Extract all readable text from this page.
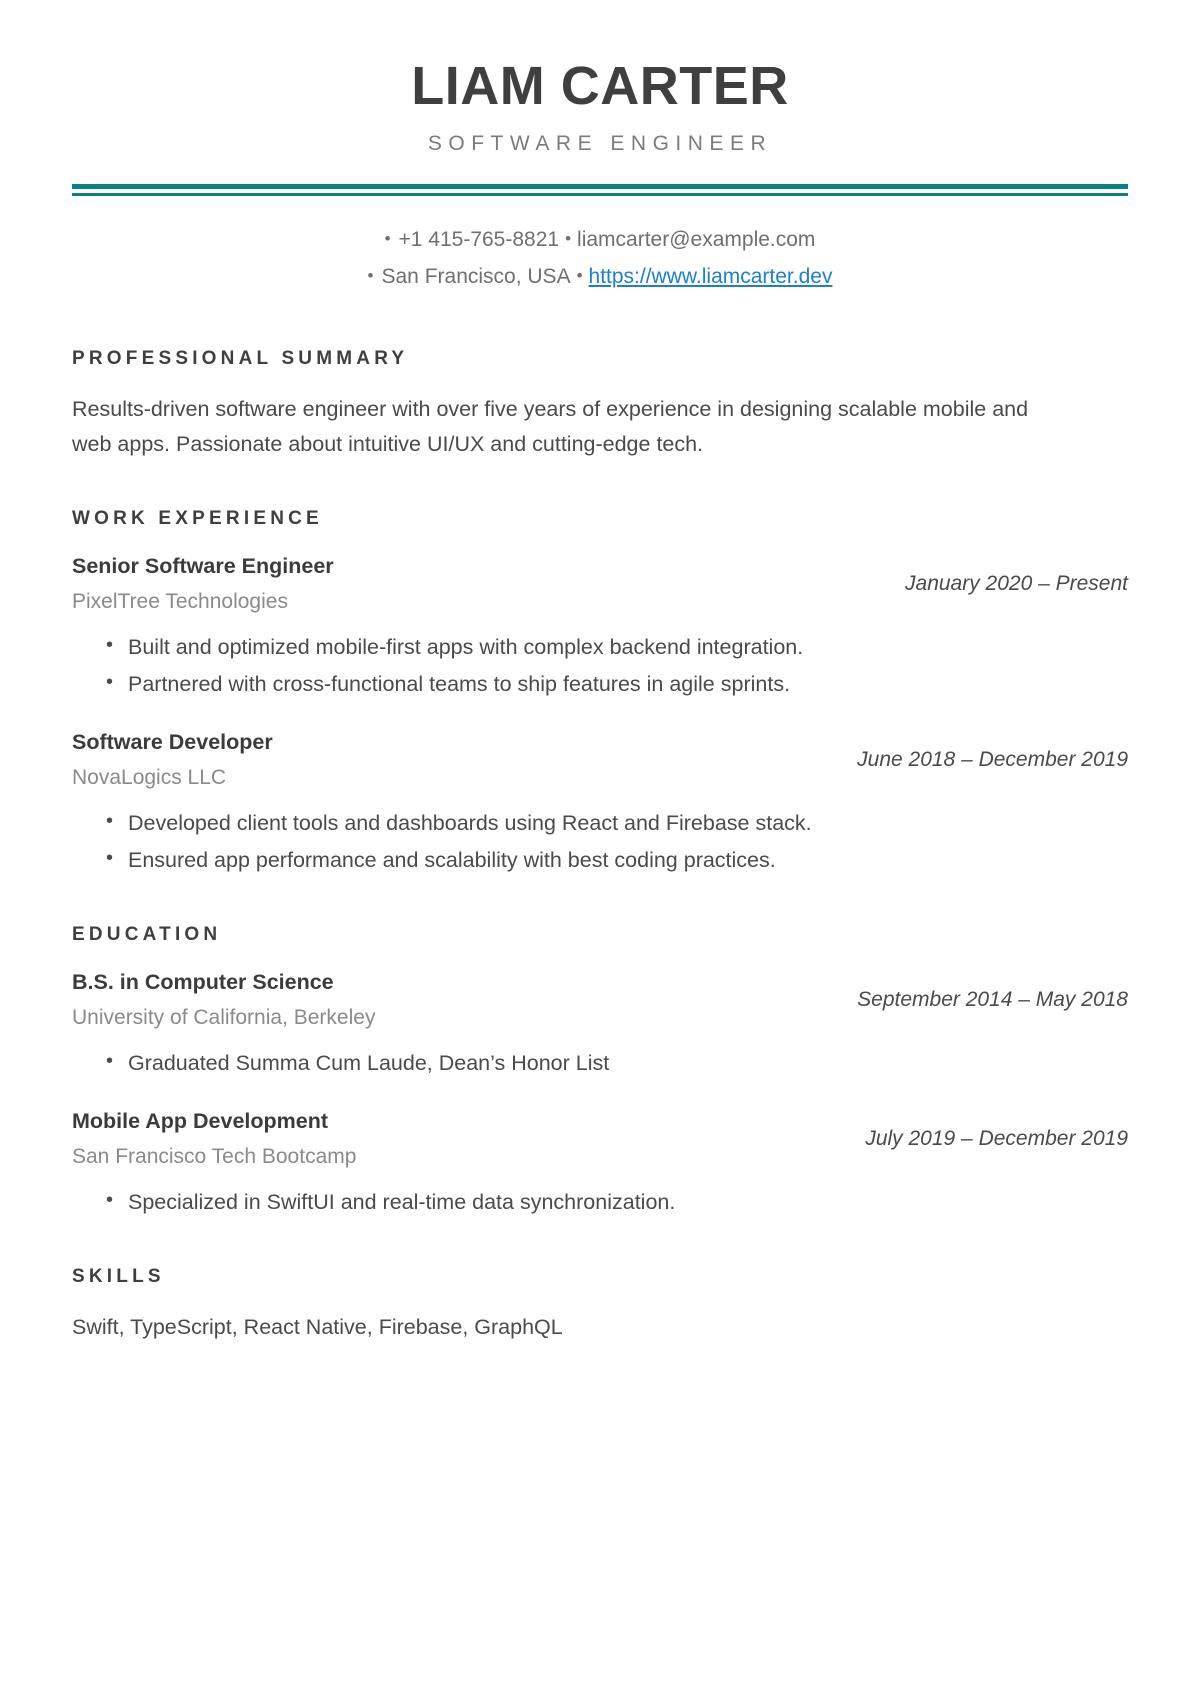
LIAM CARTER
SOFTWARE ENGINEER
• +1 415-765-8821 • liamcarter@example.com
• San Francisco, USA • https://www.liamcarter.dev
PROFESSIONAL SUMMARY

Results-driven software engineer with over five years of experience in designing scalable mobile and web apps. Passionate about intuitive UI/UX and cutting-edge tech.

WORK EXPERIENCE
Senior Software Engineer
PixelTree Technologies
January 2020 – Present
• Built and optimized mobile-first apps with complex backend integration.
• Partnered with cross-functional teams to ship features in agile sprints.
Software Developer
NovaLogics LLC
June 2018 – December 2019
• Developed client tools and dashboards using React and Firebase stack.
• Ensured app performance and scalability with best coding practices.
EDUCATION
B.S. in Computer Science
University of California, Berkeley
September 2014 – May 2018
• Graduated Summa Cum Laude, Dean’s Honor List
Mobile App Development
San Francisco Tech Bootcamp
July 2019 – December 2019
• Specialized in SwiftUI and real-time data synchronization.
SKILLS

Swift, TypeScript, React Native, Firebase, GraphQL
